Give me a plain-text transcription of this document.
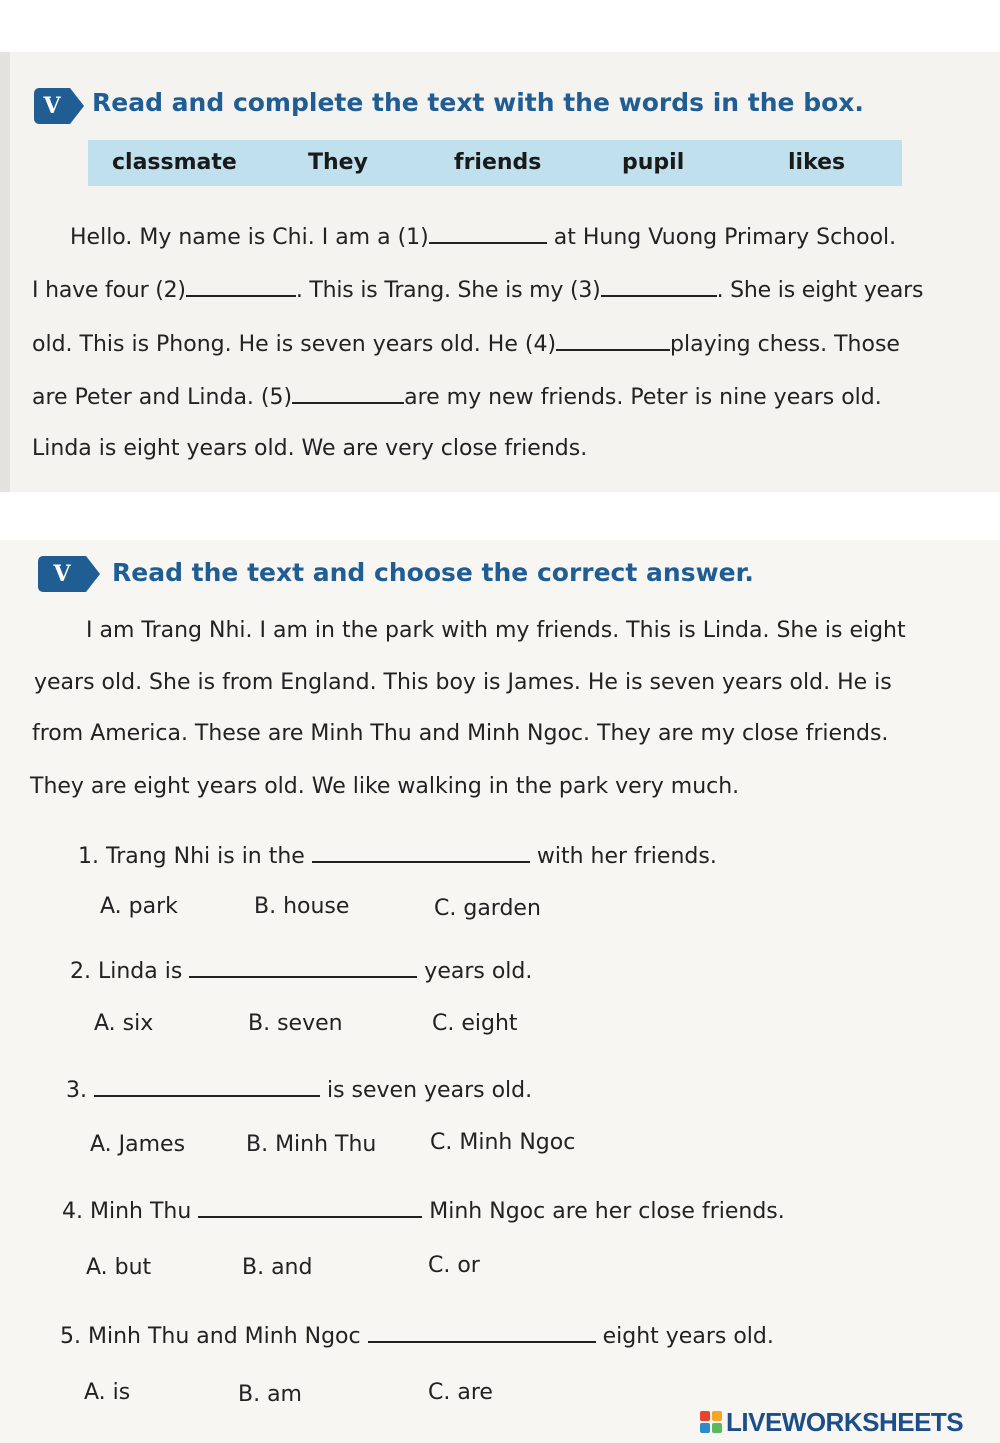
V	Read and complete the text with the words in the box.
classmate	They	friends	pupil	likes
Hello. My name is Chi. I am a (1)	at Hung Vuong Primary School.
I have four (2)	. This is Trang. She is my (3)	. She is eight years
old. This is Phong. He is seven years old. He (4)	playing chess. Those
are Peter and Linda. (5)	are my new friends. Peter is nine years old.
Linda is eight years old. We are very close friends.
V	Read the text and choose the correct answer.
I am Trang Nhi. I am in the park with my friends. This is Linda. She is eight
years old. She is from England. This boy is James. He is seven years old. He is
from America. These are Minh Thu and Minh Ngoc. They are my close friends.
They are eight years old. We like walking in the park very much.
1. Trang Nhi is in the	with her friends.
A. park	B. house	C. garden
2. Linda is	years old.
A. six	B. seven	C. eight
3.	is seven years old.
A. James	B. Minh Thu C. Minh Ngoc
4. Minh Thu	Minh Ngoc are her close friends.
A. but	B. and	C. or
5. Minh Thu and Minh Ngoc	eight years old.
A. is	B. am	C. are
LIVEWORKSHEETS
